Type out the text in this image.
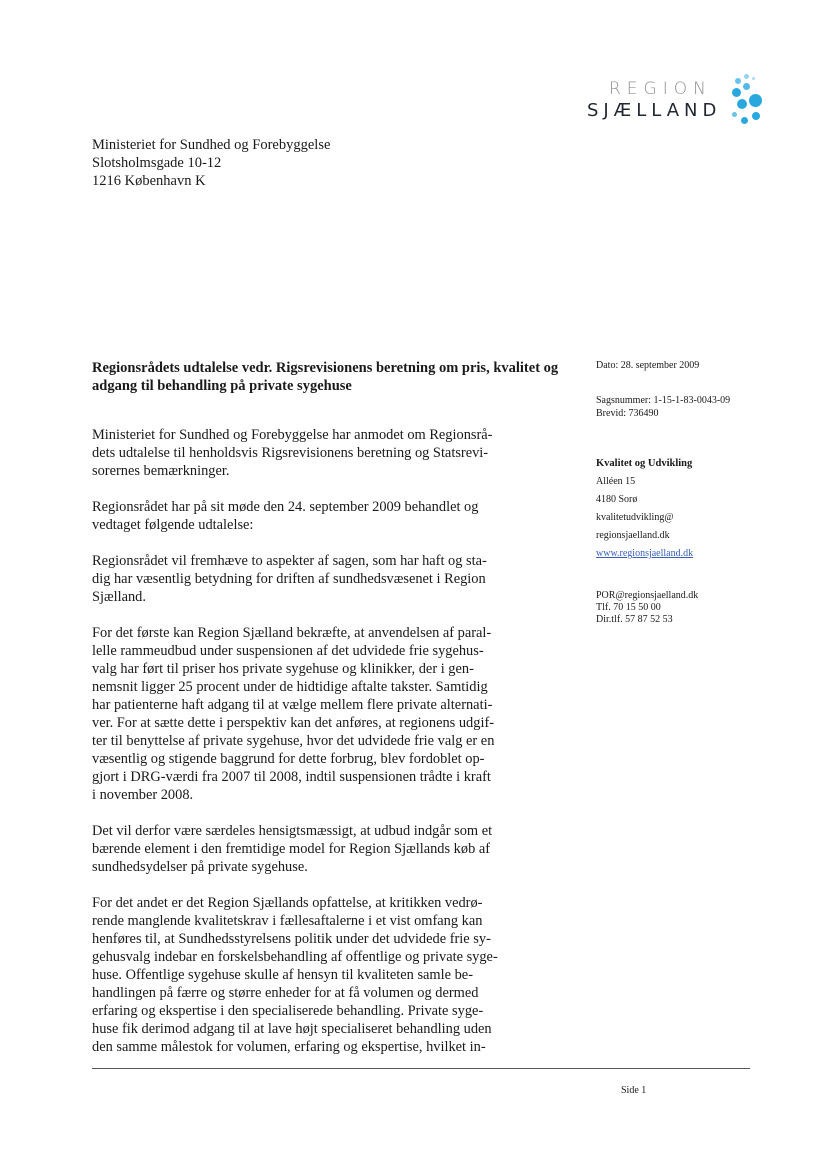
REGION
SJÆLLAND
Ministeriet for Sundhed og Forebyggelse
Slotsholmsgade 10-12
1216 København K
Regionsrådets udtalelse vedr. Rigsrevisionens beretning om pris, kvalitet og adgang til behandling på private sygehuse

Ministeriet for Sundhed og Forebyggelse har anmodet om Regionsrå-
dets udtalelse til henholdsvis Rigsrevisionens beretning og Statsrevi-
sorernes bemærkninger.

Regionsrådet har på sit møde den 24. september 2009 behandlet og
vedtaget følgende udtalelse:

Regionsrådet vil fremhæve to aspekter af sagen, som har haft og sta-
dig har væsentlig betydning for driften af sundhedsvæsenet i Region
Sjælland.

For det første kan Region Sjælland bekræfte, at anvendelsen af paral-
lelle rammeudbud under suspensionen af det udvidede frie sygehus-
valg har ført til priser hos private sygehuse og klinikker, der i gen-
nemsnit ligger 25 procent under de hidtidige aftalte takster. Samtidig
har patienterne haft adgang til at vælge mellem flere private alternati-
ver. For at sætte dette i perspektiv kan det anføres, at regionens udgif-
ter til benyttelse af private sygehuse, hvor det udvidede frie valg er en
væsentlig og stigende baggrund for dette forbrug, blev fordoblet op-
gjort i DRG-værdi fra 2007 til 2008, indtil suspensionen trådte i kraft
i november 2008.

Det vil derfor være særdeles hensigtsmæssigt, at udbud indgår som et
bærende element i den fremtidige model for Region Sjællands køb af
sundhedsydelser på private sygehuse.

For det andet er det Region Sjællands opfattelse, at kritikken vedrø-
rende manglende kvalitetskrav i fællesaftalerne i et vist omfang kan
henføres til, at Sundhedsstyrelsens politik under det udvidede frie sy-
gehusvalg indebar en forskelsbehandling af offentlige og private syge-
huse. Offentlige sygehuse skulle af hensyn til kvaliteten samle be-
handlingen på færre og større enheder for at få volumen og dermed
erfaring og ekspertise i den specialiserede behandling. Private syge-
huse fik derimod adgang til at lave højt specialiseret behandling uden
den samme målestok for volumen, erfaring og ekspertise, hvilket in-

Dato: 28. september 2009
Sagsnummer: 1-15-1-83-0043-09
Brevid: 736490
Kvalitet og Udvikling
Alléen 15
4180 Sorø
kvalitetudvikling@
regionsjaelland.dk
www.regionsjaelland.dk
POR@regionsjaelland.dk
Tlf. 70 15 50 00
Dir.tlf. 57 87 52 53
Side 1
